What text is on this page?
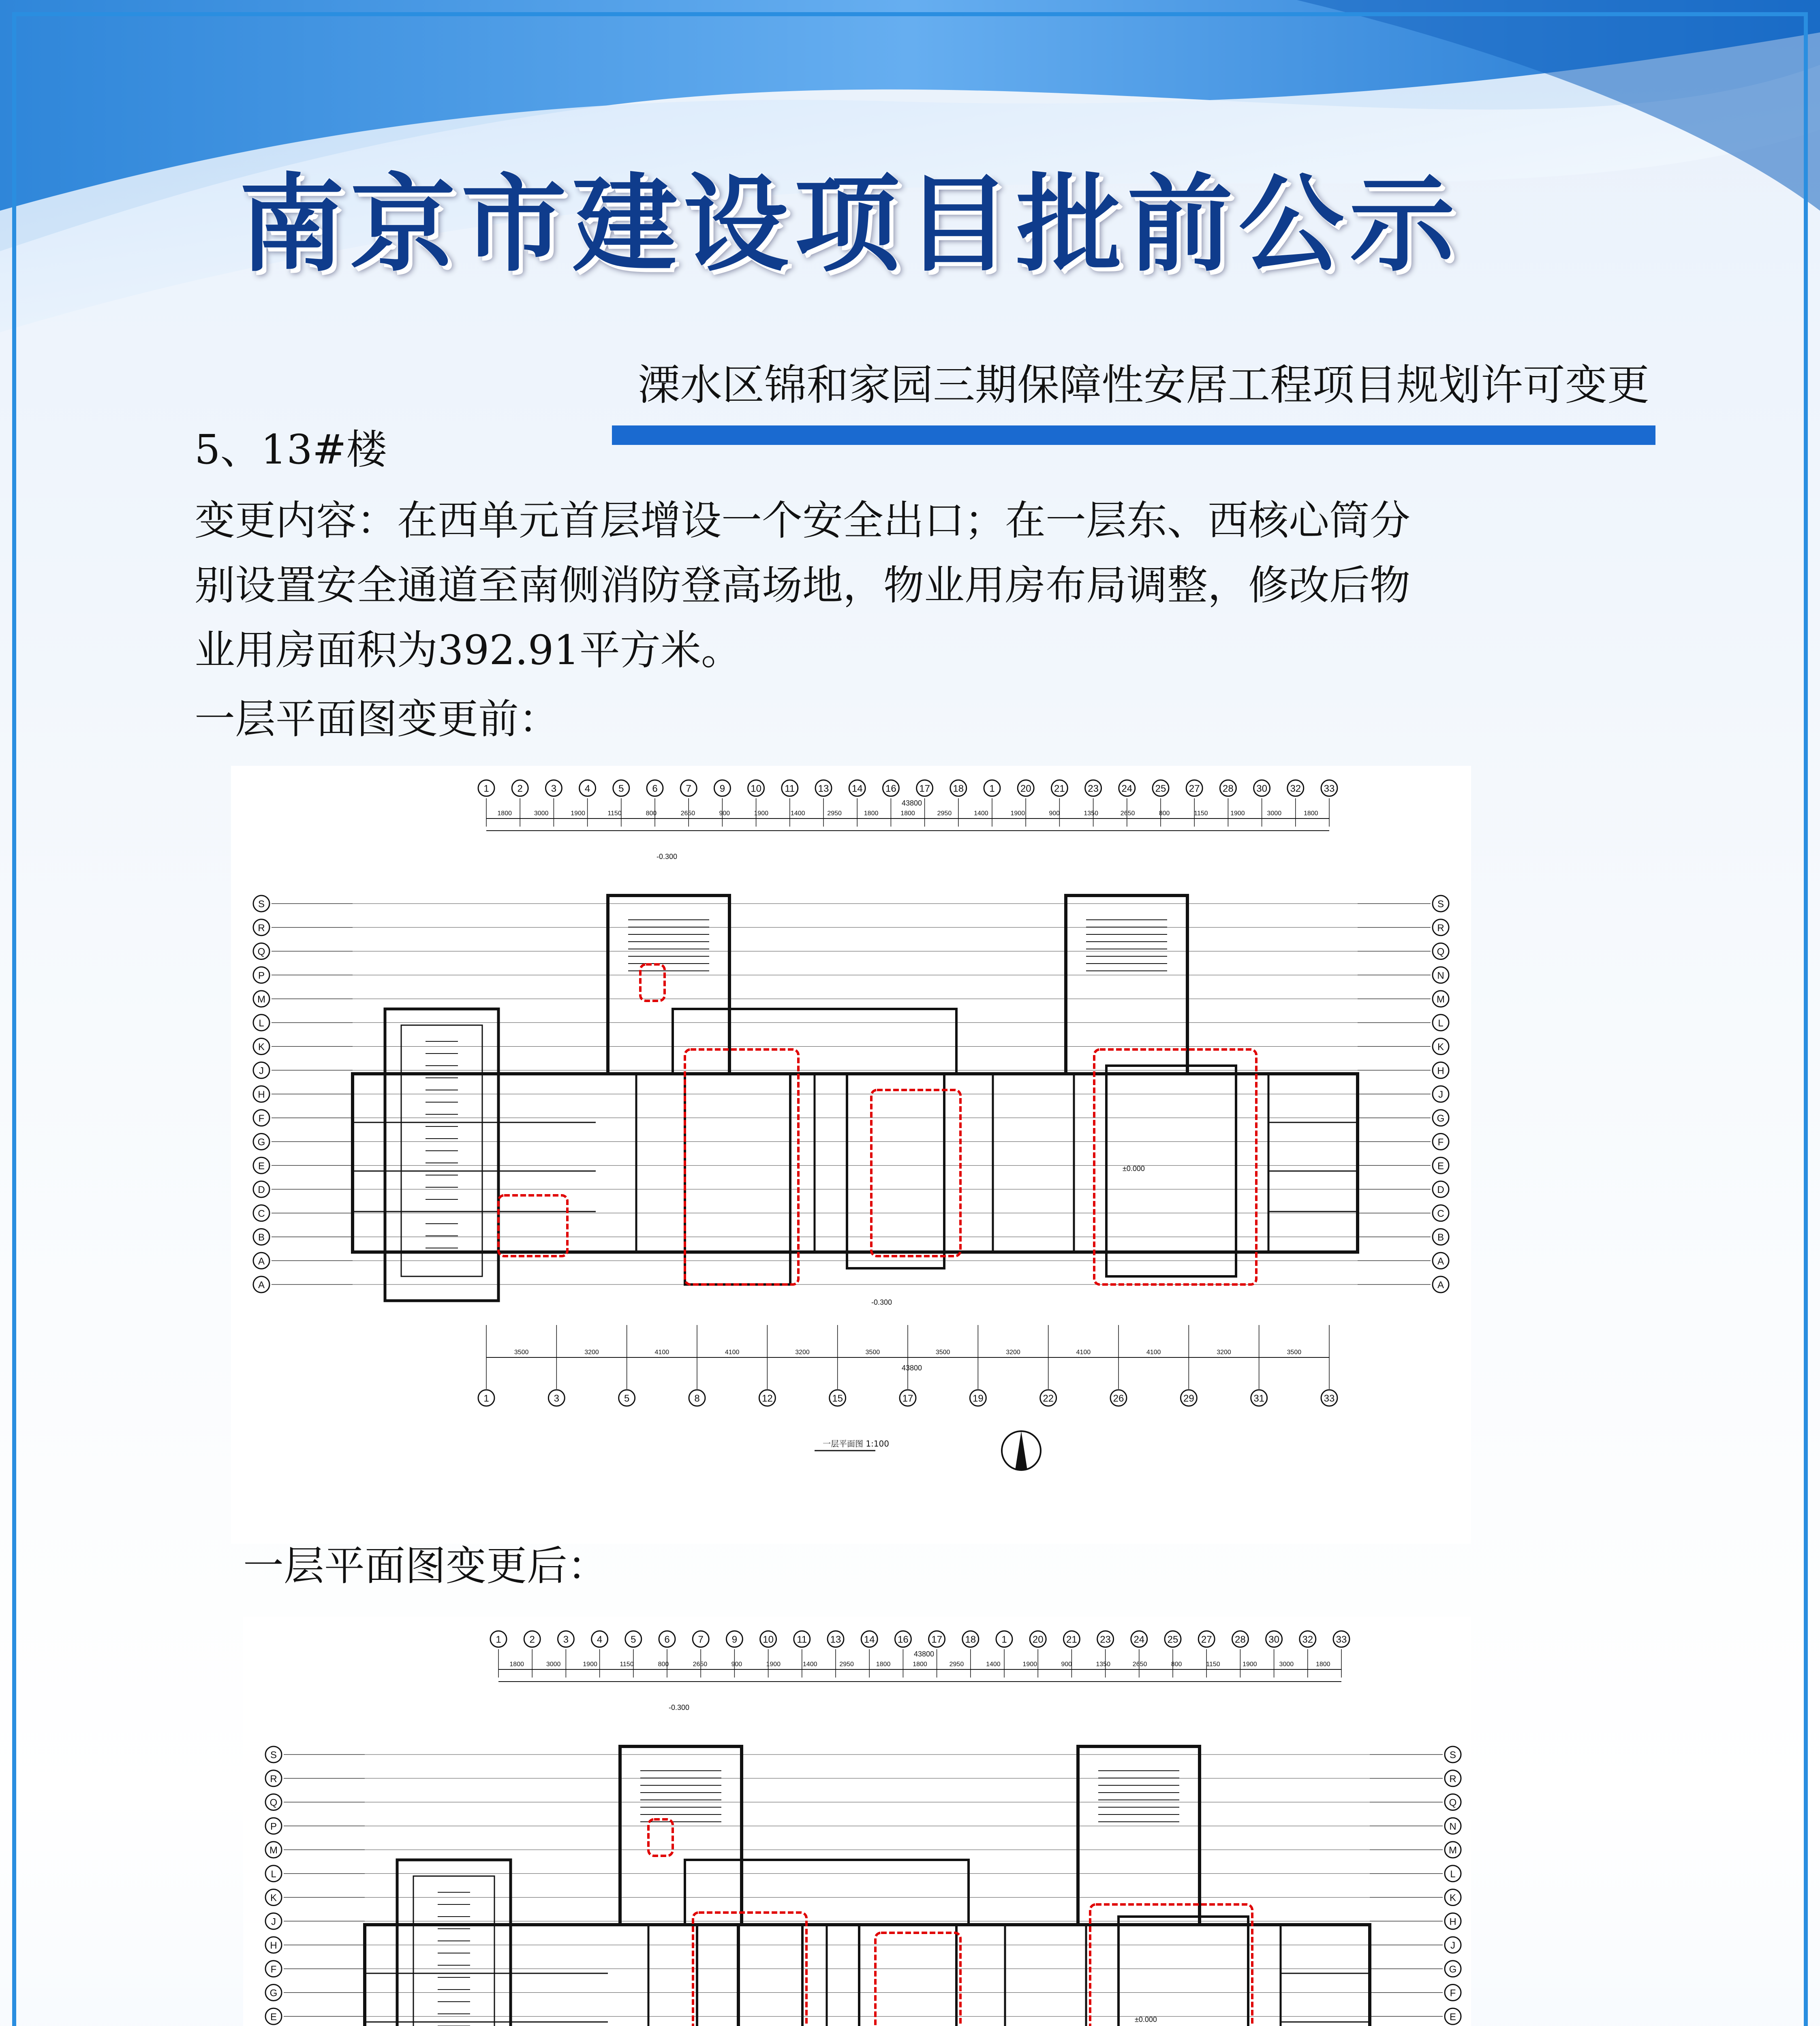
南京市建设项目批前公示
溧水区锦和家园三期保障性安居工程项目规划许可变更
5、13#楼
变更内容：在西单元首层增设一个安全出口；在一层东、西核心筒分
别设置安全通道至南侧消防登高场地，物业用房布局调整，修改后物
业用房面积为392.91平方米。
一层平面图变更前：
1	2	3	4	5	6	7	9	10 11 13 14 16 17 18	1	20 21 23 24 25 27 28 30 32 33
1800	3000	1900	1150	800	2650	900	1900	1400	2950	1800	1800	2950	1400	1900	900	1350	2650	800	1150	1900	3000	1800
43800
S
R
Q
P
M
L
K
J
H
F
G
E
D
C
B
A
A
S
R
Q
N
M
L
K
H
J
G
F
E
D
C
B
A
A
1	3	5	8	12	15	17	19	22	26	29	31	33
3500	3200	4100	4100	3200	3500	3500	3200	4100	4100	3200	3500
43800
-0.300
-0.300
±0.000
一层平面图 1:100
一层平面图变更后：
1	2	3	4	5	6	7	9	10 11 13 14 16 17 18	1	20 21 23 24 25 27 28 30 32 33
1800	3000	1900	1150	800	2650	900	1900	1400	2950	1800	1800	2950	1400	1900	900	1350	2650	800	1150	1900	3000	1800
43800
S
R
Q
P
M
L
K
J
H
F
G
E
S
R
Q
N
M
L
K
H
J
G
F
E
-0.300
±0.000
